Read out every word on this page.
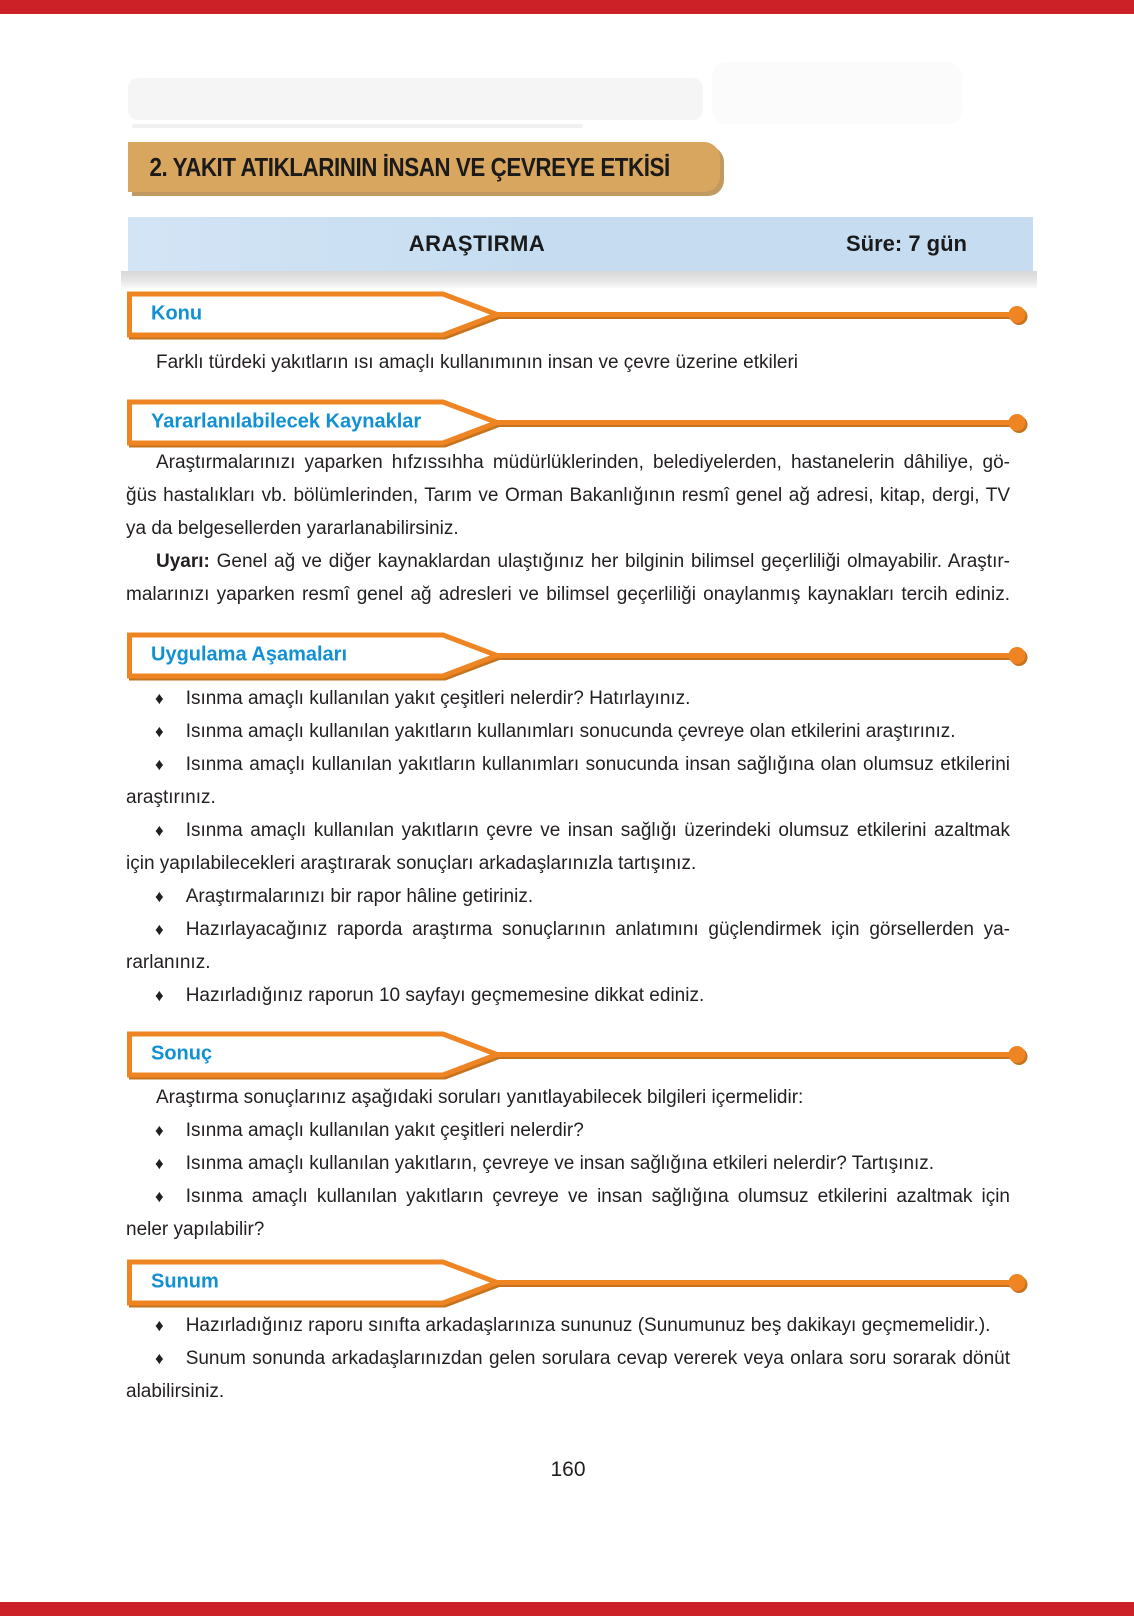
2. YAKIT ATIKLARININ İNSAN VE ÇEVREYE ETKİSİ
ARAŞTIRMA	Süre: 7 gün
Konu
Farklı türdeki yakıtların ısı amaçlı kullanımının insan ve çevre üzerine etkileri
Yararlanılabilecek Kaynaklar
Araştırmalarınızı yaparken hıfzıssıhha müdürlüklerinden, belediyelerden, hastanelerin dâhiliye, gö-
ğüs hastalıkları vb. bölümlerinden, Tarım ve Orman Bakanlığının resmî genel ağ adresi, kitap, dergi, TV
ya da belgesellerden yararlanabilirsiniz.
Uyarı: Genel ağ ve diğer kaynaklardan ulaştığınız her bilginin bilimsel geçerliliği olmayabilir. Araştır-
malarınızı yaparken resmî genel ağ adresleri ve bilimsel geçerliliği onaylanmış kaynakları tercih ediniz.
Uygulama Aşamaları
♦ Isınma amaçlı kullanılan yakıt çeşitleri nelerdir? Hatırlayınız.
♦ Isınma amaçlı kullanılan yakıtların kullanımları sonucunda çevreye olan etkilerini araştırınız.
♦ Isınma amaçlı kullanılan yakıtların kullanımları sonucunda insan sağlığına olan olumsuz etkilerini
araştırınız.
♦ Isınma amaçlı kullanılan yakıtların çevre ve insan sağlığı üzerindeki olumsuz etkilerini azaltmak
için yapılabilecekleri araştırarak sonuçları arkadaşlarınızla tartışınız.
♦ Araştırmalarınızı bir rapor hâline getiriniz.
♦ Hazırlayacağınız raporda araştırma sonuçlarının anlatımını güçlendirmek için görsellerden ya-
rarlanınız.
♦ Hazırladığınız raporun 10 sayfayı geçmemesine dikkat ediniz.
Sonuç
Araştırma sonuçlarınız aşağıdaki soruları yanıtlayabilecek bilgileri içermelidir:
♦ Isınma amaçlı kullanılan yakıt çeşitleri nelerdir?
♦ Isınma amaçlı kullanılan yakıtların, çevreye ve insan sağlığına etkileri nelerdir? Tartışınız.
♦ Isınma amaçlı kullanılan yakıtların çevreye ve insan sağlığına olumsuz etkilerini azaltmak için
neler yapılabilir?
Sunum
♦ Hazırladığınız raporu sınıfta arkadaşlarınıza sununuz (Sunumunuz beş dakikayı geçmemelidir.).
♦ Sunum sonunda arkadaşlarınızdan gelen sorulara cevap vererek veya onlara soru sorarak dönüt
alabilirsiniz.
160
